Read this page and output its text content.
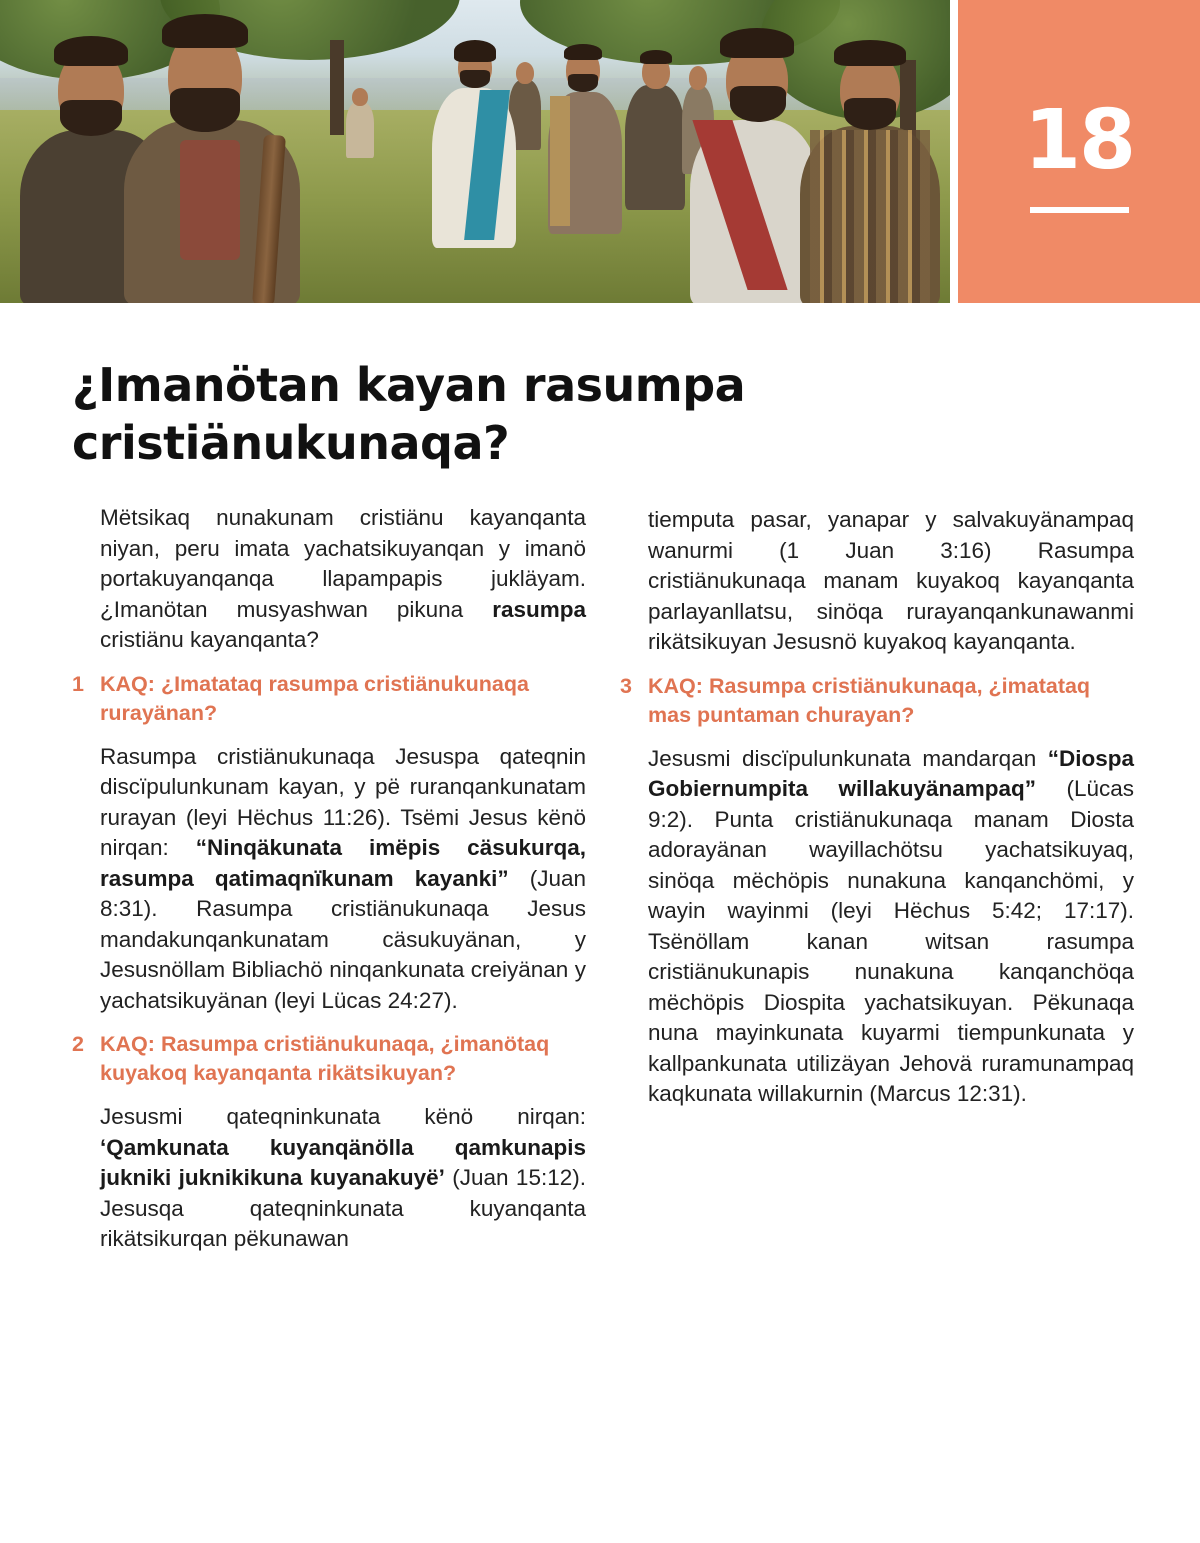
18
¿Imanötan kayan rasumpa cristiänukunaqa?

Mëtsikaq nunakunam cristiänu kayanqanta niyan, peru imata yachatsikuyanqan y imanö portakuyanqanqa llapampapis jukläyam. ¿Imanötan musyashwan pikuna rasumpa cristiänu kayanqanta?

1 KAQ: ¿Imatataq rasumpa cristiänukunaqa rurayänan?

Rasumpa cristiänukunaqa Jesuspa qateqnin discïpulunkunam kayan, y pë ruranqankunatam rurayan (leyi Hëchus 11:26). Tsëmi Jesus kënö nirqan: “Ninqäkunata imëpis cäsukurqa, rasumpa qatimaqnïkunam kayanki” (Juan 8:31). Rasumpa cristiänukunaqa Jesus mandakunqankunatam cäsukuyänan, y Jesusnöllam Bibliachö ninqankunata creiyänan y yachatsikuyänan (leyi Lücas 24:27).

2 KAQ: Rasumpa cristiänukunaqa, ¿imanötaq kuyakoq kayanqanta rikätsikuyan?

Jesusmi qateqninkunata kënö nirqan: ‘Qamkunata kuyanqänölla qamkunapis jukniki juknikikuna kuyanakuyë’ (Juan 15:12). Jesusqa qateqninkunata kuyanqanta rikätsikurqan pëkunawan

tiemputa pasar, yanapar y salvakuyänampaq wanurmi (1 Juan 3:16) Rasumpa cristiänukunaqa manam kuyakoq kayanqanta parlayanllatsu, sinöqa rurayanqankunawanmi rikätsikuyan Jesusnö kuyakoq kayanqanta.

3 KAQ: Rasumpa cristiänukunaqa, ¿imatataq mas puntaman churayan?

Jesusmi discïpulunkunata mandarqan “Diospa Gobiernumpita willakuyänampaq” (Lücas 9:2). Punta cristiänukunaqa manam Diosta adorayänan wayillachötsu yachatsikuyaq, sinöqa mëchöpis nunakuna kanqanchömi, y wayin wayinmi (leyi Hëchus 5:42; 17:17). Tsënöllam kanan witsan rasumpa cristiänukunapis nunakuna kanqanchöqa mëchöpis Diospita yachatsikuyan. Pëkunaqa nuna mayinkunata kuyarmi tiempunkunata y kallpankunata utilizäyan Jehovä ruramunampaq kaqkunata willakurnin (Marcus 12:31).
